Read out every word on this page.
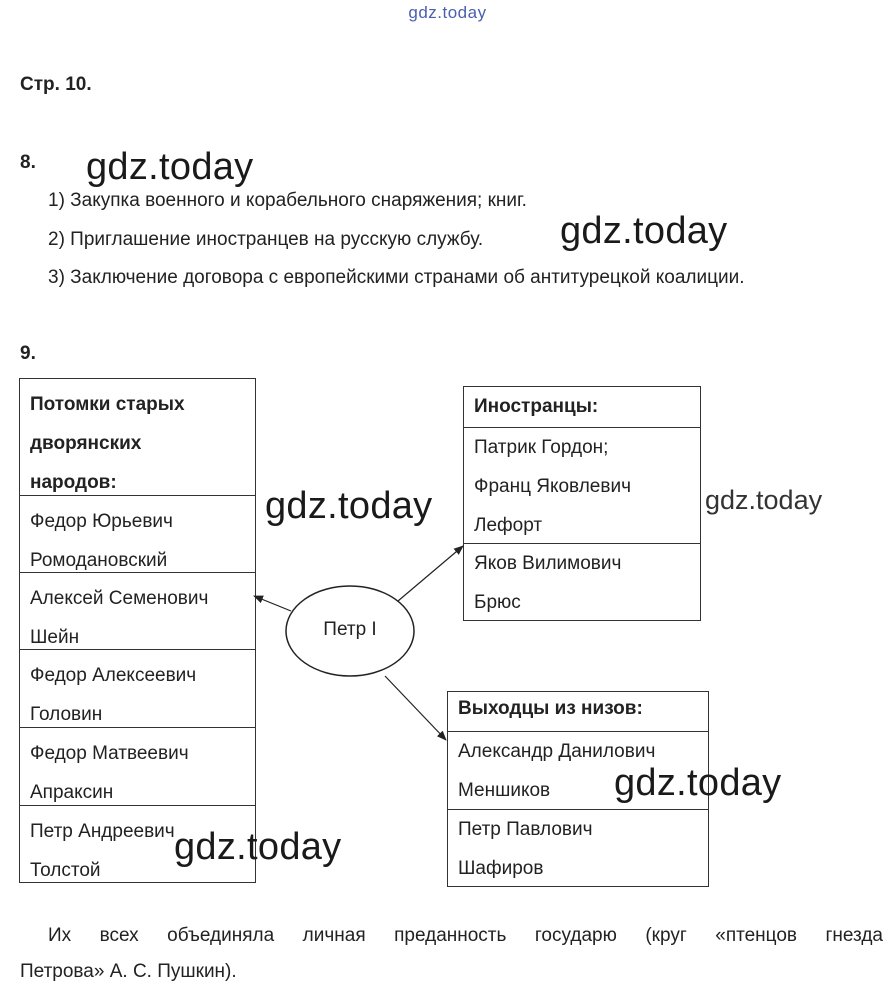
gdz.today
Стр. 10.
8.
1) Закупка военного и корабельного снаряжения; книг.
2) Приглашение иностранцев на русскую службу.
3) Заключение договора с европейскими странами об антитурецкой коалиции.
9.
Потомки старых
дворянских
народов:
Федор Юрьевич
Ромодановский
Алексей Семенович
Шейн
Федор Алексеевич
Головин
Федор Матвеевич
Апраксин
Петр Андреевич
Толстой
Иностранцы:
Патрик Гордон;
Франц Яковлевич
Лефорт
Яков Вилимович
Брюс
Выходцы из низов:
Александр Данилович
Меншиков
Петр Павлович
Шафиров
Петр I
gdz.today
gdz.today
gdz.today	gdz.today
gdz.today
gdz.today
Их всех объединяла личная преданность государю (круг «птенцов гнезда
Петрова» А. С. Пушкин).
